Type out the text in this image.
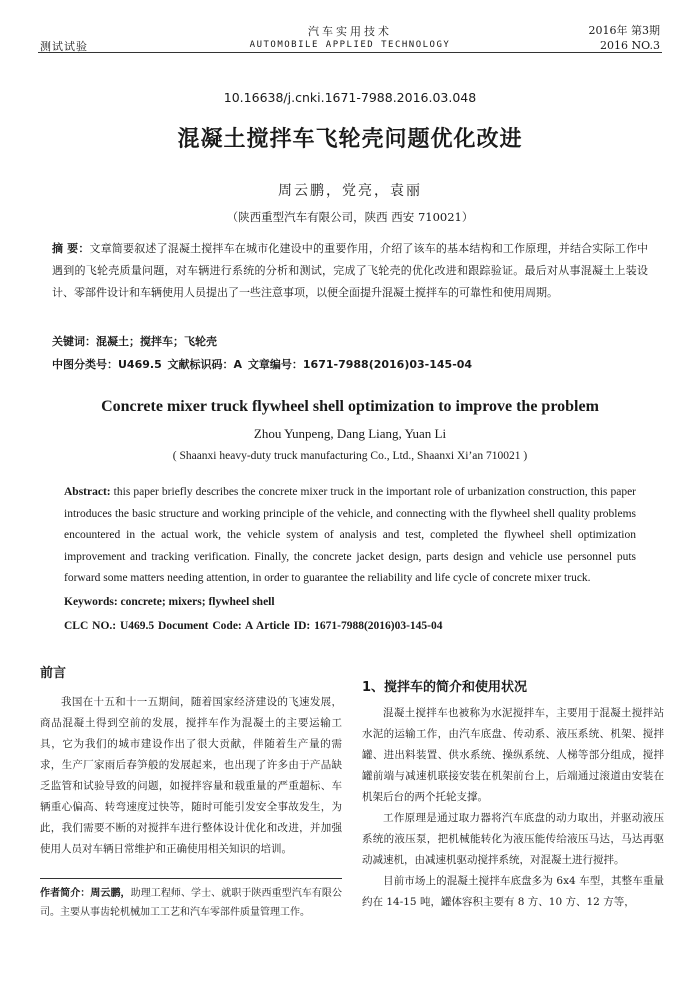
测试试验
汽车实用技术
AUTOMOBILE APPLIED TECHNOLOGY
2016年 第3期
2016 NO.3
10.16638/j.cnki.1671-7988.2016.03.048
混凝土搅拌车飞轮壳问题优化改进
周云鹏，党亮，袁丽
（陕西重型汽车有限公司，陕西 西安 710021）
摘 要：文章简要叙述了混凝土搅拌车在城市化建设中的重要作用，介绍了该车的基本结构和工作原理，并结合实际工作中遇到的飞轮壳质量问题，对车辆进行系统的分析和测试，完成了飞轮壳的优化改进和跟踪验证。最后对从事混凝土上装设计、零部件设计和车辆使用人员提出了一些注意事项，以便全面提升混凝土搅拌车的可靠性和使用周期。
关键词：混凝土；搅拌车；飞轮壳
中图分类号：U469.5 文献标识码：A 文章编号：1671-7988(2016)03-145-04
Concrete mixer truck flywheel shell optimization to improve the problem
Zhou Yunpeng, Dang Liang, Yuan Li
( Shaanxi heavy-duty truck manufacturing Co., Ltd., Shaanxi Xi’an 710021 )
Abstract: this paper briefly describes the concrete mixer truck in the important role of urbanization construction, this paper introduces the basic structure and working principle of the vehicle, and connecting with the flywheel shell quality problems encountered in the actual work, the vehicle system of analysis and test, completed the flywheel shell optimization improvement and tracking verification. Finally, the concrete jacket design, parts design and vehicle use personnel puts forward some matters needing attention, in order to guarantee the reliability and life cycle of concrete mixer truck.
Keywords: concrete; mixers; flywheel shell
CLC NO.: U469.5 Document Code: A Article ID: 1671-7988(2016)03-145-04
前言

我国在十五和十一五期间，随着国家经济建设的飞速发展，商品混凝土得到空前的发展，搅拌车作为混凝土的主要运输工具，它为我们的城市建设作出了很大贡献，伴随着生产量的需求，生产厂家雨后春笋般的发展起来，也出现了许多由于产品缺乏监管和试验导致的问题，如搅拌容量和载重量的严重超标、车辆重心偏高、转弯速度过快等，随时可能引发安全事故发生，为此，我们需要不断的对搅拌车进行整体设计优化和改进，并加强使用人员对车辆日常维护和正确使用相关知识的培训。

作者简介：周云鹏，助理工程师、学士、就职于陕西重型汽车有限公司。主要从事齿轮机械加工工艺和汽车零部件质量管理工作。
1、搅拌车的简介和使用状况

混凝土搅拌车也被称为水泥搅拌车，主要用于混凝土搅拌站水泥的运输工作，由汽车底盘、传动系、液压系统、机架、搅拌罐、进出料装置、供水系统、操纵系统、人梯等部分组成，搅拌罐前端与减速机联接安装在机架前台上，后端通过滚道由安装在机架后台的两个托轮支撑。

工作原理是通过取力器将汽车底盘的动力取出，并驱动液压系统的液压泵，把机械能转化为液压能传给液压马达，马达再驱动减速机，由减速机驱动搅拌系统，对混凝土进行搅拌。

目前市场上的混凝土搅拌车底盘多为 6x4 车型，其整车重量约在 14-15 吨，罐体容积主要有 8 方、10 方、12 方等，
